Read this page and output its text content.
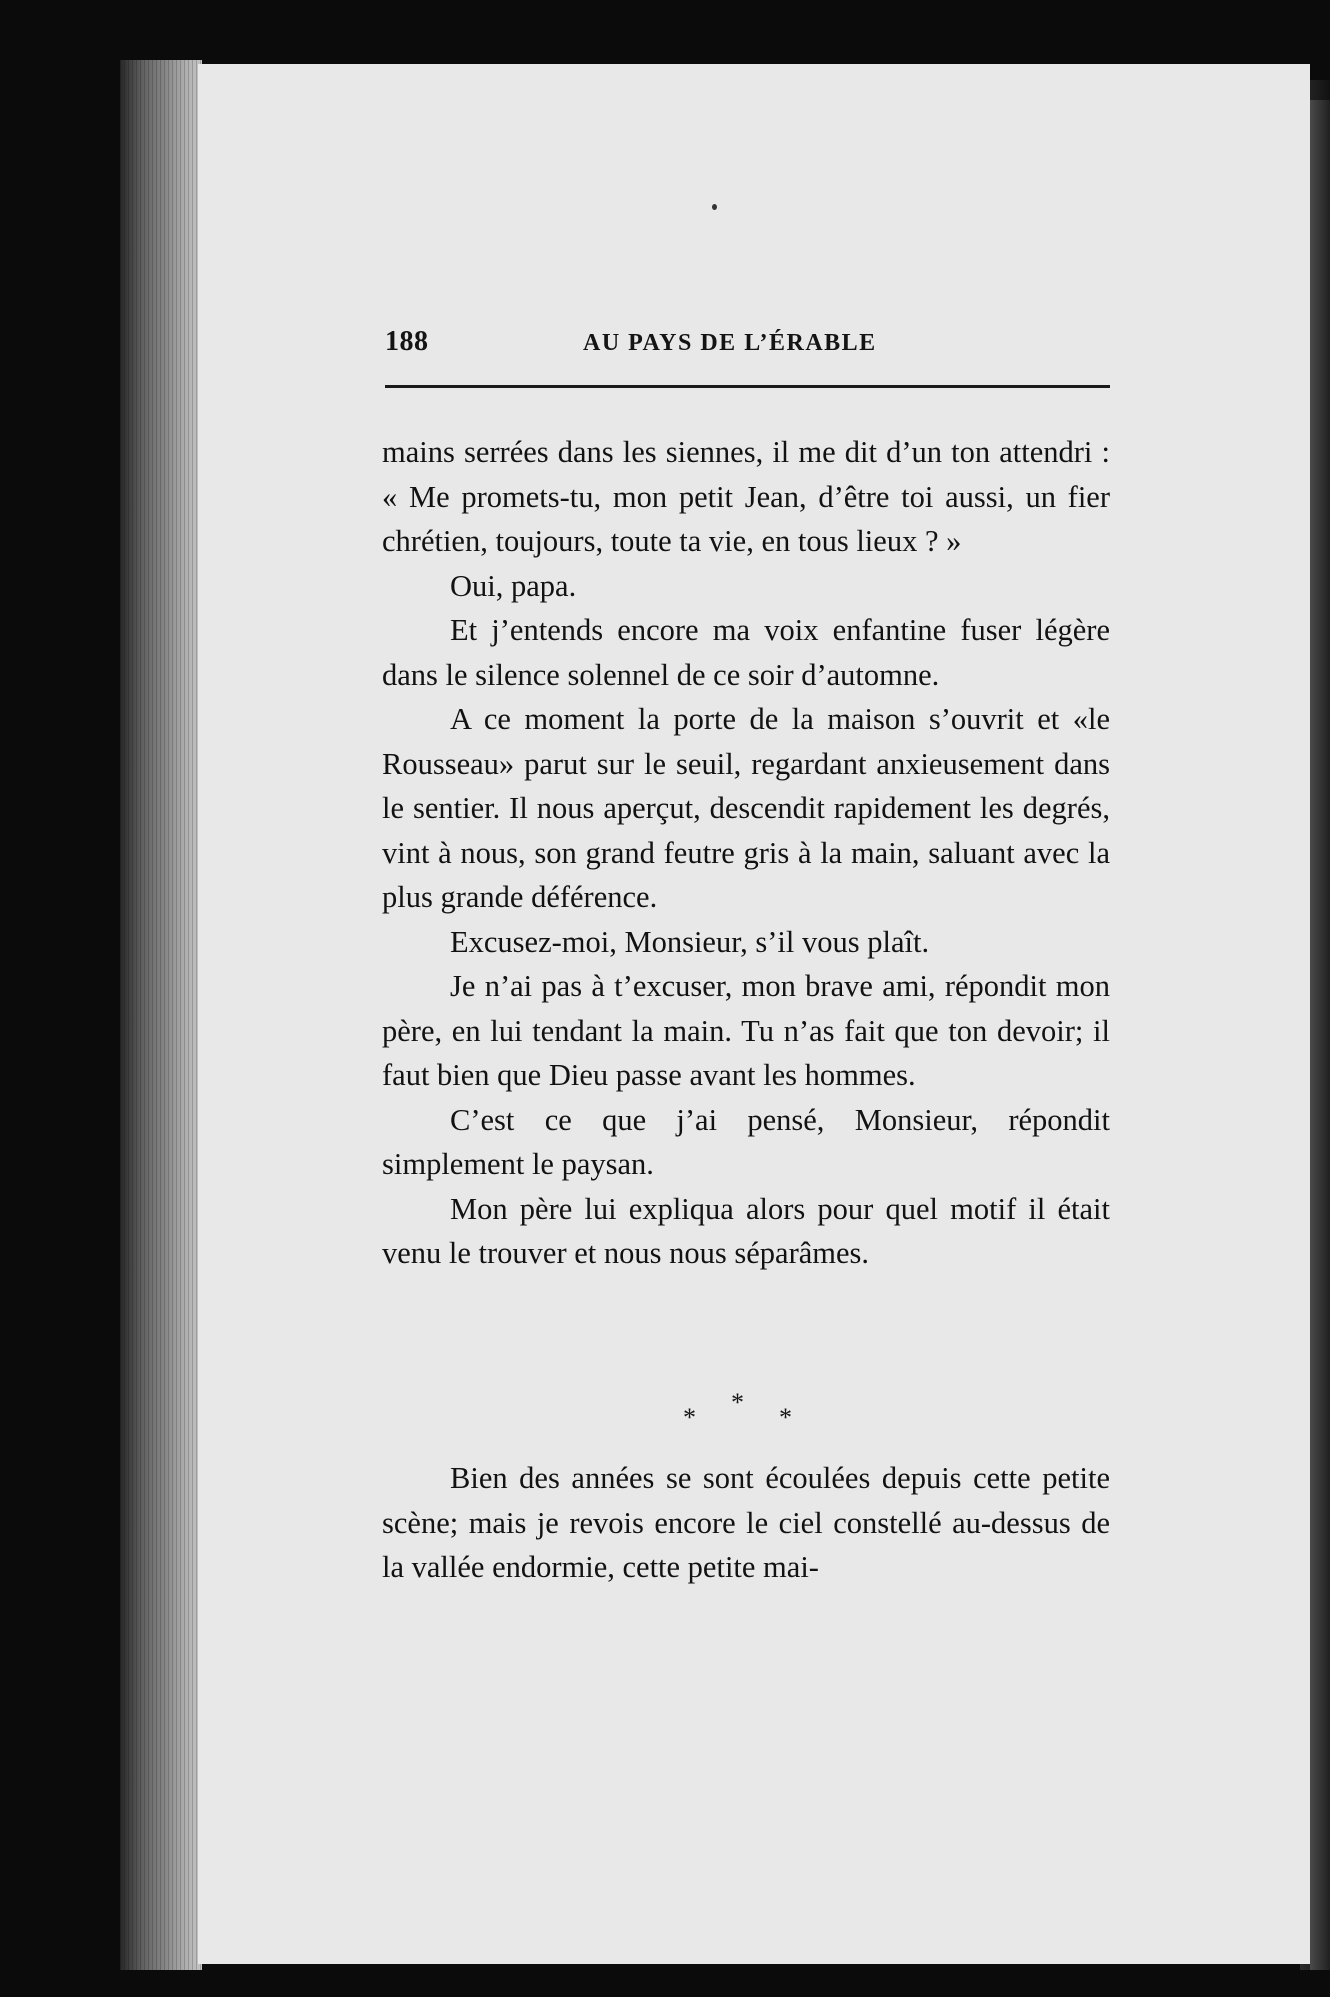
188	AU PAYS DE L’ÉRABLE

mains serrées dans les siennes, il me dit d’un ton attendri : « Me promets-tu, mon petit Jean, d’être toi aussi, un fier chrétien, toujours, toute ta vie, en tous lieux ? »

Oui, papa.

Et j’entends encore ma voix enfantine fuser légère dans le silence solennel de ce soir d’automne.

A ce moment la porte de la maison s’ouvrit et «le Rousseau» parut sur le seuil, regardant anxieusement dans le sentier. Il nous aperçut, descendit rapidement les degrés, vint à nous, son grand feutre gris à la main, saluant avec la plus grande déférence.

Excusez-moi, Monsieur, s’il vous plaît.

Je n’ai pas à t’excuser, mon brave ami, répondit mon père, en lui tendant la main. Tu n’as fait que ton devoir; il faut bien que Dieu passe avant les hommes.

C’est ce que j’ai pensé, Monsieur, répondit simplement le paysan.

Mon père lui expliqua alors pour quel motif il était venu le trouver et nous nous séparâmes.

*
*
*

Bien des années se sont écoulées depuis cette petite scène; mais je revois encore le ciel constellé au-dessus de la vallée endormie, cette petite mai-
